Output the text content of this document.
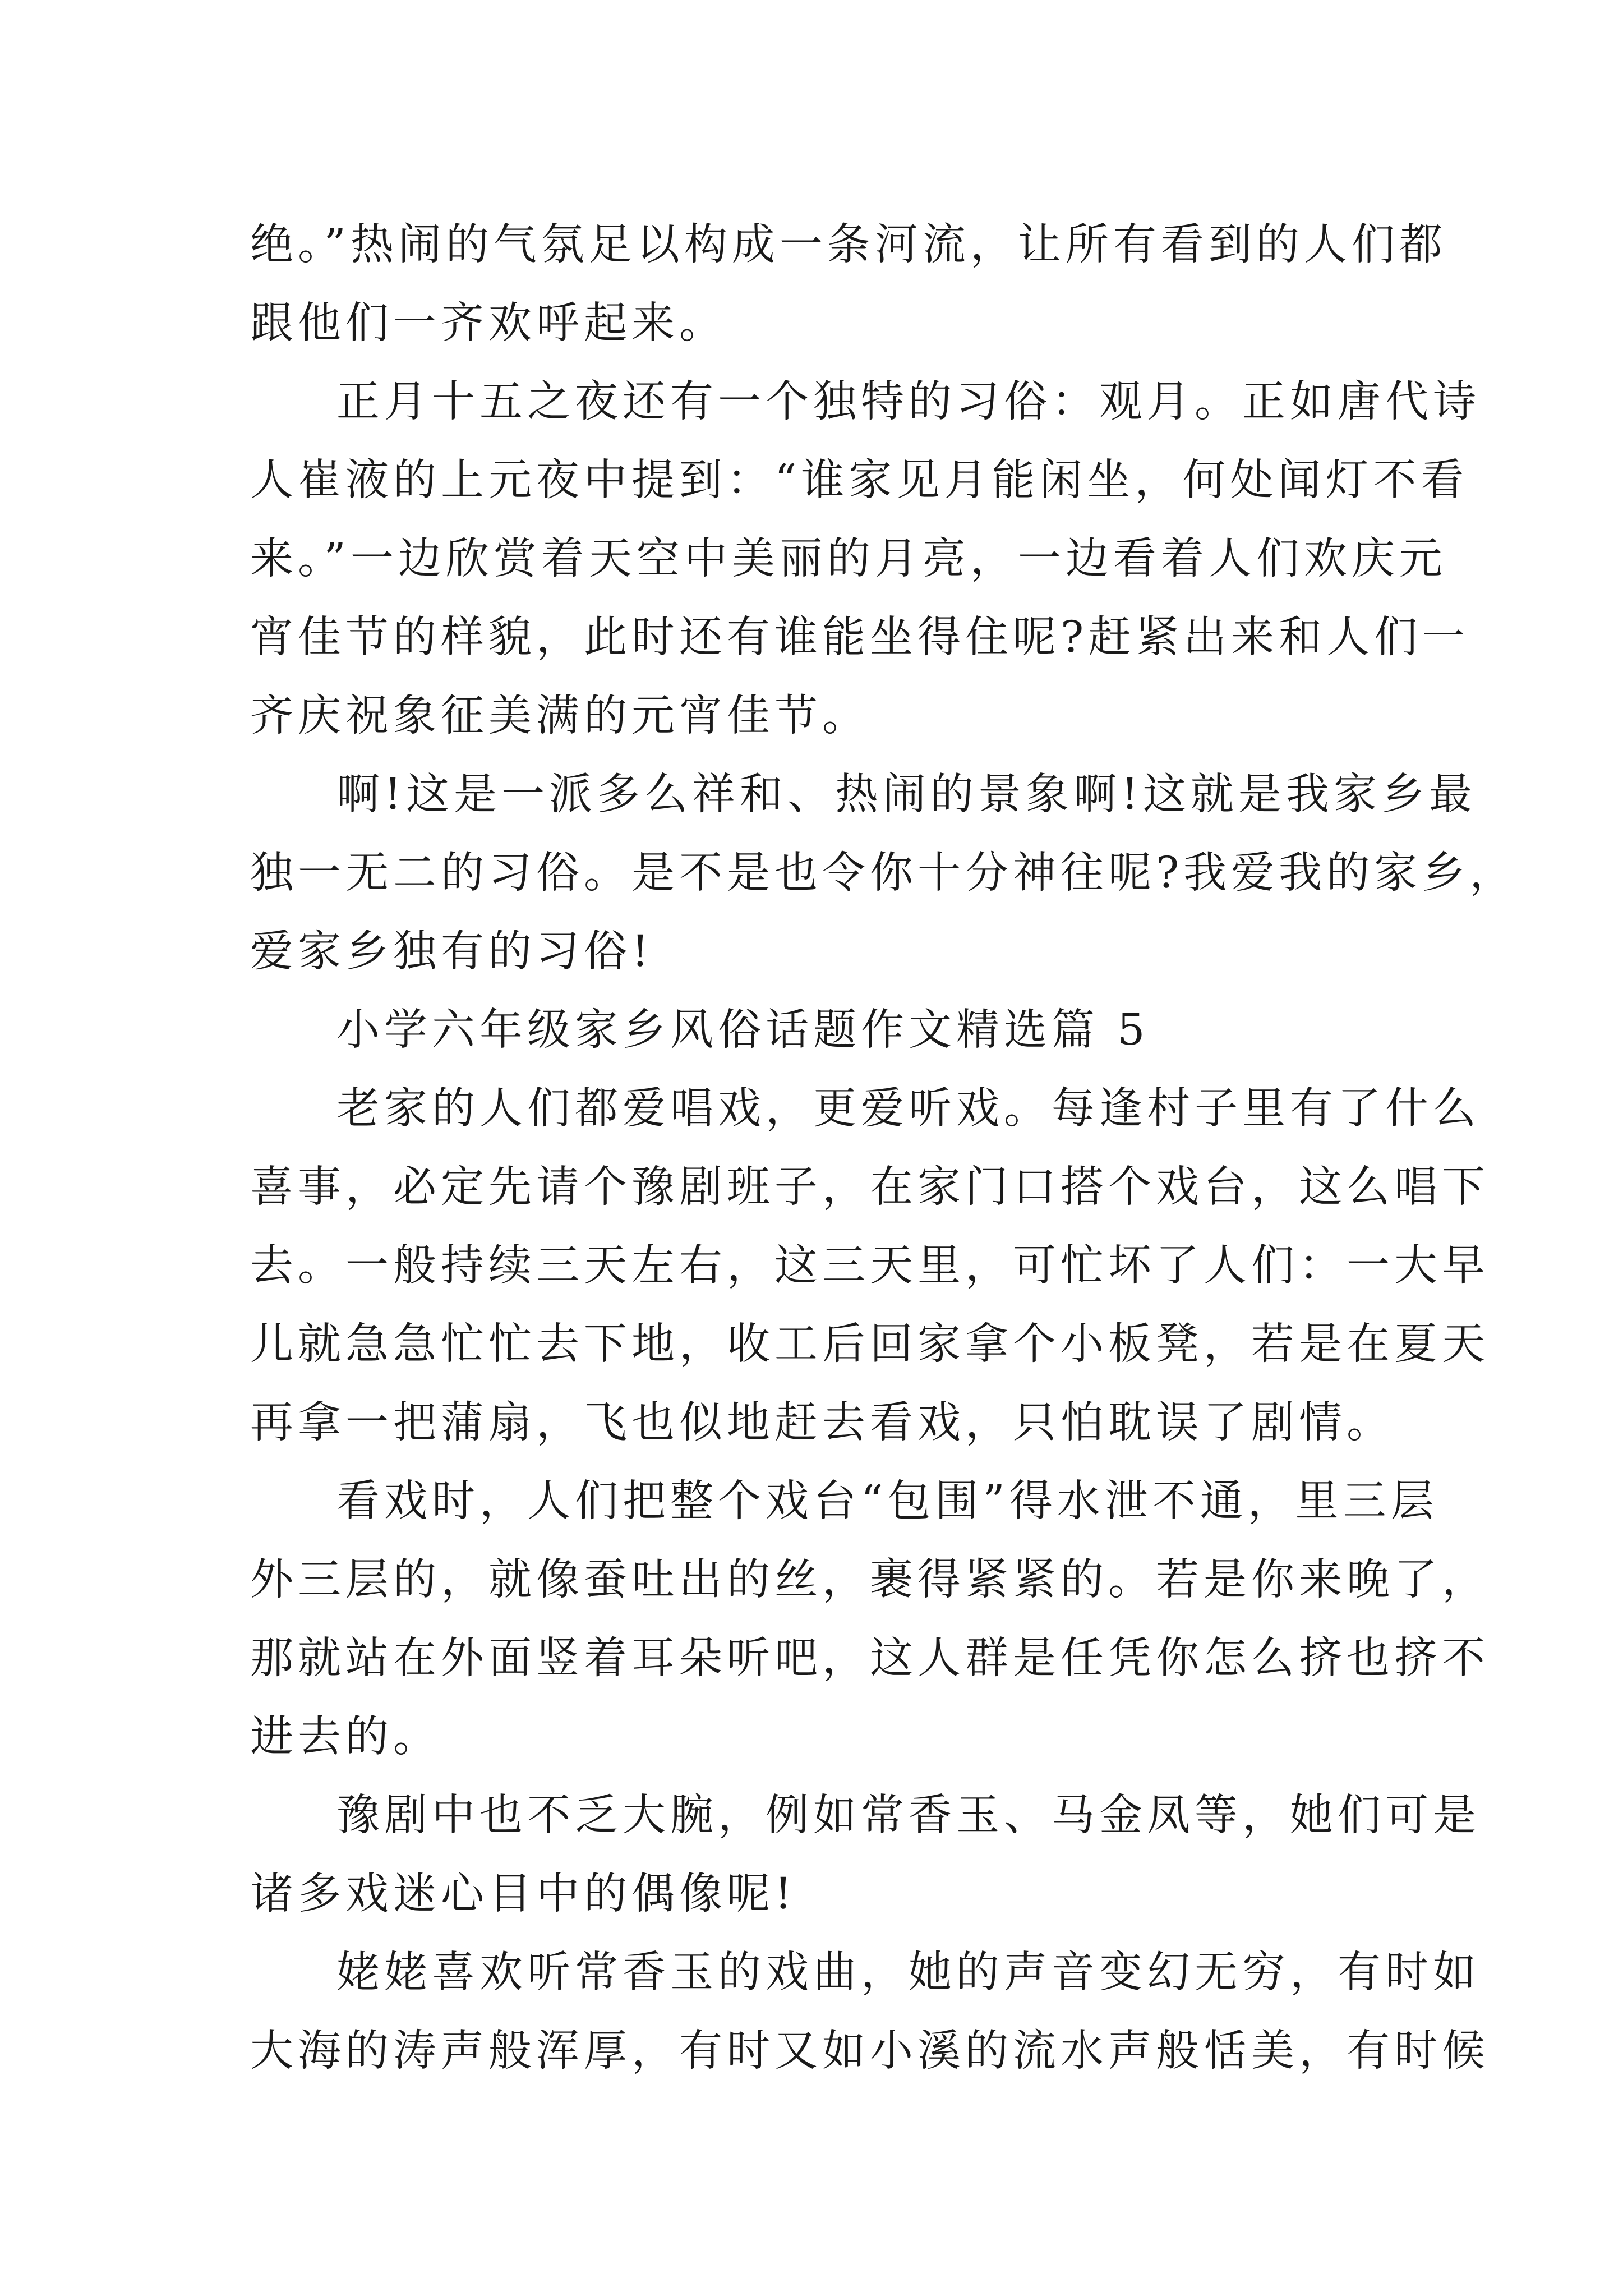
绝。”热闹的气氛足以构成一条河流，让所有看到的人们都
跟他们一齐欢呼起来。
正月十五之夜还有一个独特的习俗：观月。正如唐代诗
人崔液的上元夜中提到：“谁家见月能闲坐，何处闻灯不看
来。”一边欣赏着天空中美丽的月亮，一边看着人们欢庆元
宵佳节的样貌，此时还有谁能坐得住呢?赶紧出来和人们一
齐庆祝象征美满的元宵佳节。
啊!这是一派多么祥和、热闹的景象啊!这就是我家乡最
独一无二的习俗。是不是也令你十分神往呢?我爱我的家乡，
爱家乡独有的习俗!
小学六年级家乡风俗话题作文精选篇 5
老家的人们都爱唱戏，更爱听戏。每逢村子里有了什么
喜事，必定先请个豫剧班子，在家门口搭个戏台，这么唱下
去。一般持续三天左右，这三天里，可忙坏了人们：一大早
儿就急急忙忙去下地，收工后回家拿个小板凳，若是在夏天
再拿一把蒲扇，飞也似地赶去看戏，只怕耽误了剧情。
看戏时，人们把整个戏台“包围”得水泄不通，里三层
外三层的，就像蚕吐出的丝，裹得紧紧的。若是你来晚了，
那就站在外面竖着耳朵听吧，这人群是任凭你怎么挤也挤不
进去的。
豫剧中也不乏大腕，例如常香玉、马金凤等，她们可是
诸多戏迷心目中的偶像呢!
姥姥喜欢听常香玉的戏曲，她的声音变幻无穷，有时如
大海的涛声般浑厚，有时又如小溪的流水声般恬美，有时候
